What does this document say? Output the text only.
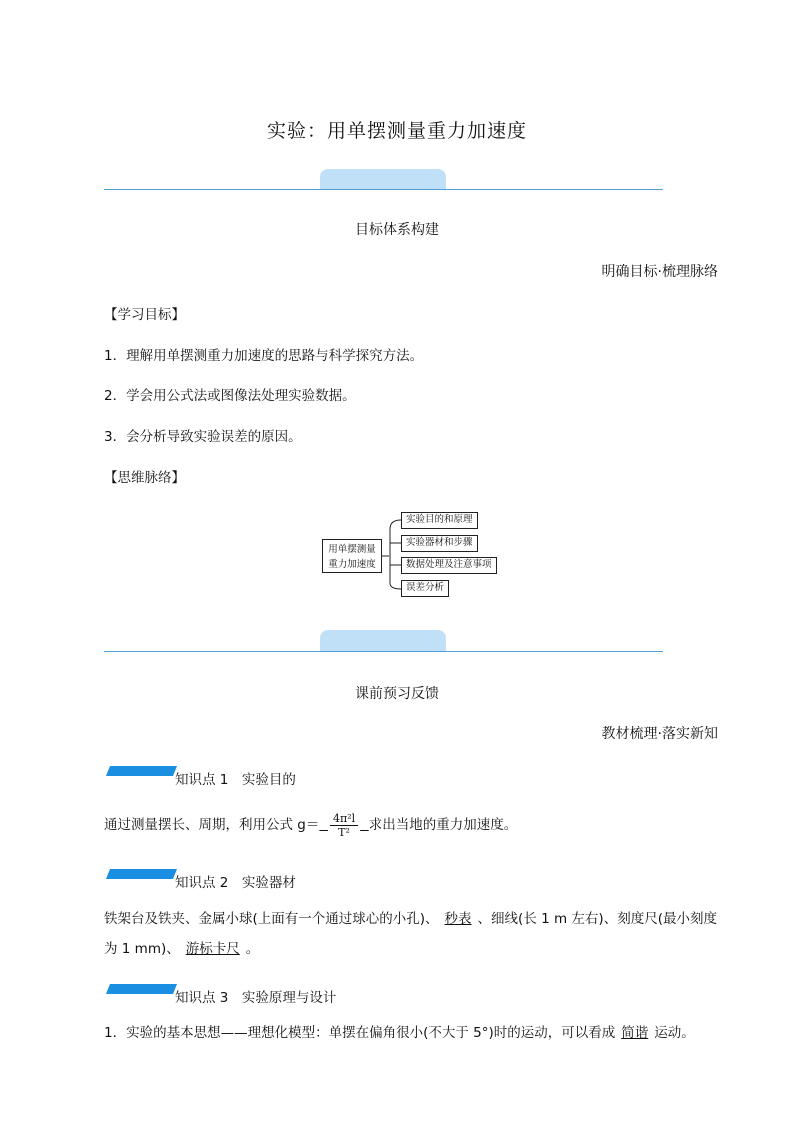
实验：用单摆测量重力加速度
目标体系构建
明确目标·梳理脉络
【学习目标】
1．理解用单摆测重力加速度的思路与科学探究方法。
2．学会用公式法或图像法处理实验数据。
3．会分析导致实验误差的原因。
【思维脉络】
用单摆测量
重力加速度
实验目的和原理
实验器材和步骤
数据处理及注意事项
误差分析
课前预习反馈
教材梳理·落实新知
知识点 1　实验目的
通过测量摆长、周期，利用公式 $g= \frac{\text{4π²l}}{\text{T²}}$ 求出当地的重力加速度。
知识点 2　实验器材
铁架台及铁夹、金属小球(上面有一个通过球心的小孔)、 秒表 、细线(长 1 m 左右)、刻度尺(最小刻度为 1 mm)、 游标卡尺 。
知识点 3　实验原理与设计
1．实验的基本思想——理想化模型：单摆在偏角很小(不大于 5°)时的运动，可以看成 简谐 运动。
